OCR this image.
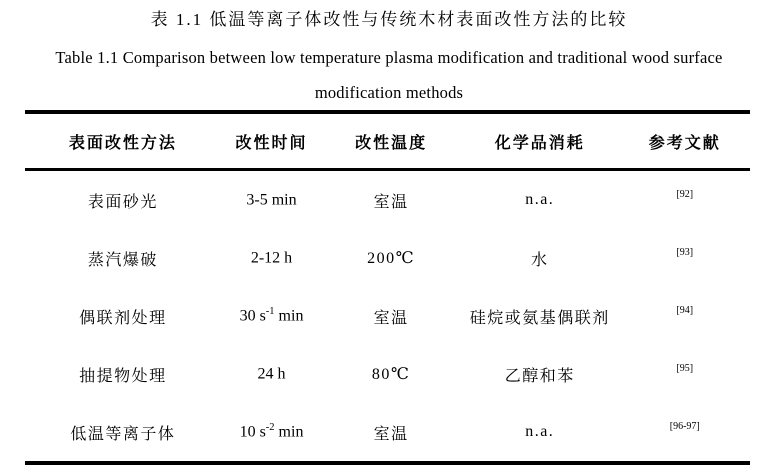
表 1.1 低温等离子体改性与传统木材表面改性方法的比较
Table 1.1 Comparison between low temperature plasma modification and traditional wood surface
modification methods
表面改性方法	改性时间	改性温度	化学品消耗	参考文献
表面砂光	3-5 min	室温	n.a.	[92]
蒸汽爆破	2-12 h	200℃	水	[93]
偶联剂处理	30 $s^{-1}$ min	室温	硅烷或氨基偶联剂	[94]
抽提物处理	24 h	80℃	乙醇和苯	[95]
低温等离子体	10 $s^{-2}$ min	室温	n.a.	[96-97]
